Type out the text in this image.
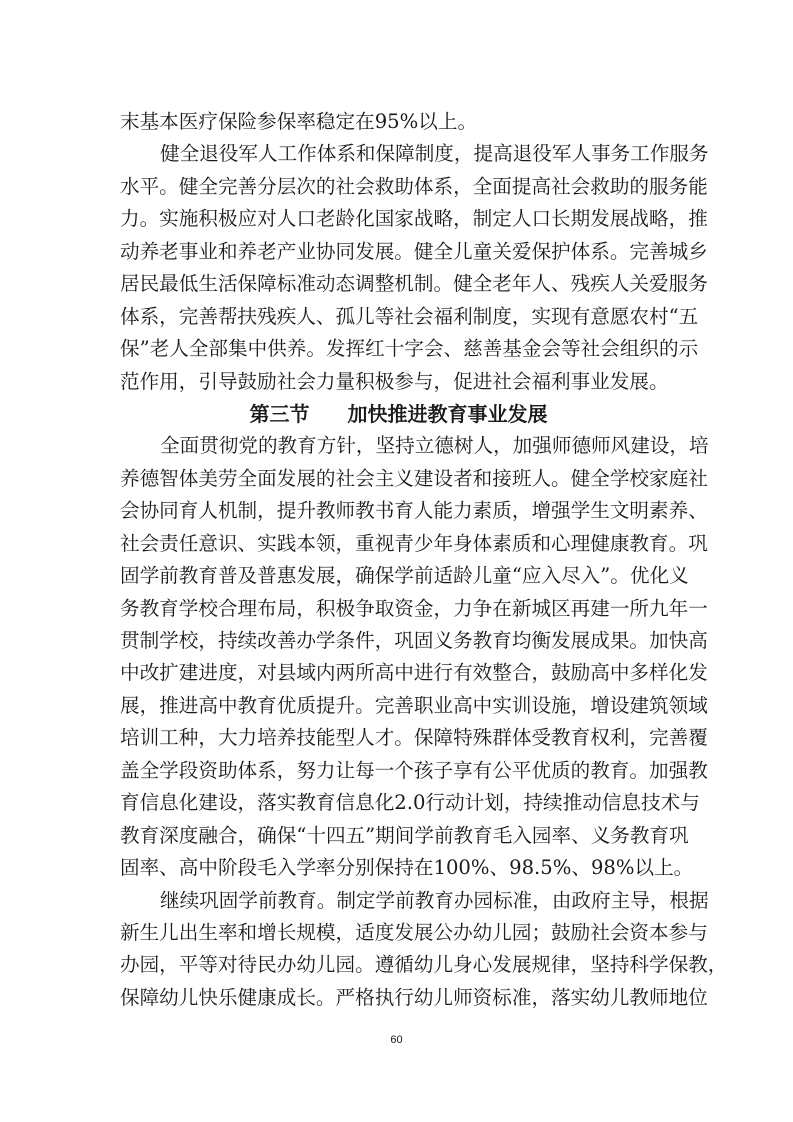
末基本医疗保险参保率稳定在95%以上。
健全退役军人工作体系和保障制度，提高退役军人事务工作服务
水平。健全完善分层次的社会救助体系，全面提高社会救助的服务能
力。实施积极应对人口老龄化国家战略，制定人口长期发展战略，推
动养老事业和养老产业协同发展。健全儿童关爱保护体系。完善城乡
居民最低生活保障标准动态调整机制。健全老年人、残疾人关爱服务
体系，完善帮扶残疾人、孤儿等社会福利制度，实现有意愿农村“五
保”老人全部集中供养。发挥红十字会、慈善基金会等社会组织的示
范作用，引导鼓励社会力量积极参与，促进社会福利事业发展。
第三节 加快推进教育事业发展
全面贯彻党的教育方针，坚持立德树人，加强师德师风建设，培
养德智体美劳全面发展的社会主义建设者和接班人。健全学校家庭社
会协同育人机制，提升教师教书育人能力素质，增强学生文明素养、
社会责任意识、实践本领，重视青少年身体素质和心理健康教育。巩
固学前教育普及普惠发展，确保学前适龄儿童“应入尽入”。优化义
务教育学校合理布局，积极争取资金，力争在新城区再建一所九年一
贯制学校，持续改善办学条件，巩固义务教育均衡发展成果。加快高
中改扩建进度，对县域内两所高中进行有效整合，鼓励高中多样化发
展，推进高中教育优质提升。完善职业高中实训设施，增设建筑领域
培训工种，大力培养技能型人才。保障特殊群体受教育权利，完善覆
盖全学段资助体系，努力让每一个孩子享有公平优质的教育。加强教
育信息化建设，落实教育信息化2.0行动计划，持续推动信息技术与
教育深度融合，确保“十四五”期间学前教育毛入园率、义务教育巩
固率、高中阶段毛入学率分别保持在100%、98.5%、98%以上。
继续巩固学前教育。制定学前教育办园标准，由政府主导，根据
新生儿出生率和增长规模，适度发展公办幼儿园；鼓励社会资本参与
办园，平等对待民办幼儿园。遵循幼儿身心发展规律，坚持科学保教，
保障幼儿快乐健康成长。严格执行幼儿师资标准，落实幼儿教师地位
60
